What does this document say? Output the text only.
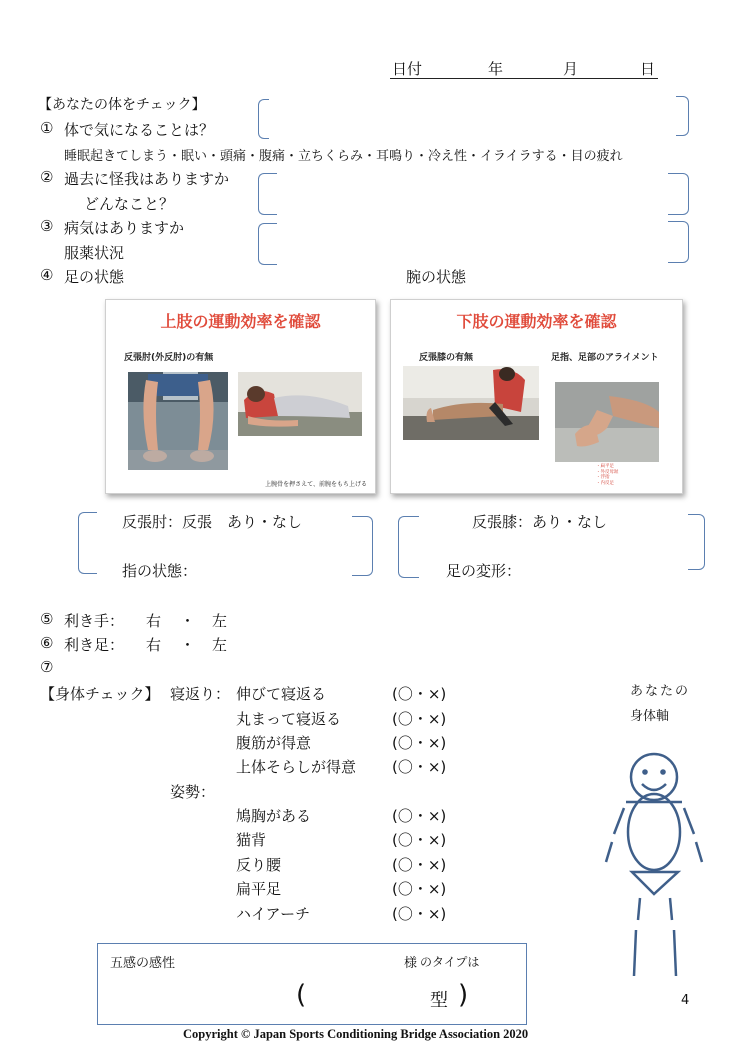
日付	年	月	日
【あなたの体をチェック】
① 体で気になることは？
睡眠起きてしまう・眠い・頭痛・腹痛・立ちくらみ・耳鳴り・冷え性・イライラする・目の疲れ
② 過去に怪我はありますか
どんなこと？
③ 病気はありますか
服薬状況
④ 足の状態	腕の状態
上肢の運動効率を確認
反張肘(外反肘)の有無
上腕骨を押さえて、前腕をもち上げる
下肢の運動効率を確認
反張膝の有無	足指、足部のアライメント
・扁平足
・外反母趾
・浮指
・内反足
反張肘：反張　あり・なし
指の状態：
反張膝：あり・なし
足の変形：
⑤ 利き手： 右 ・ 左
⑥ 利き足： 右 ・ 左
⑦
【身体チェック】 寝返り： 伸びて寝返る	(〇・×)
丸まって寝返る	(〇・×)
腹筋が得意	(〇・×)
上体そらしが得意 (〇・×)
姿勢：
鳩胸がある	(〇・×)
猫背	(〇・×)
反り腰	(〇・×)
扁平足	(〇・×)
ハイアーチ	(〇・×)
あなたの
身体軸
五感の感性	様 のタイプは
(	型 )	4
Copyright © Japan Sports Conditioning Bridge Association 2020
